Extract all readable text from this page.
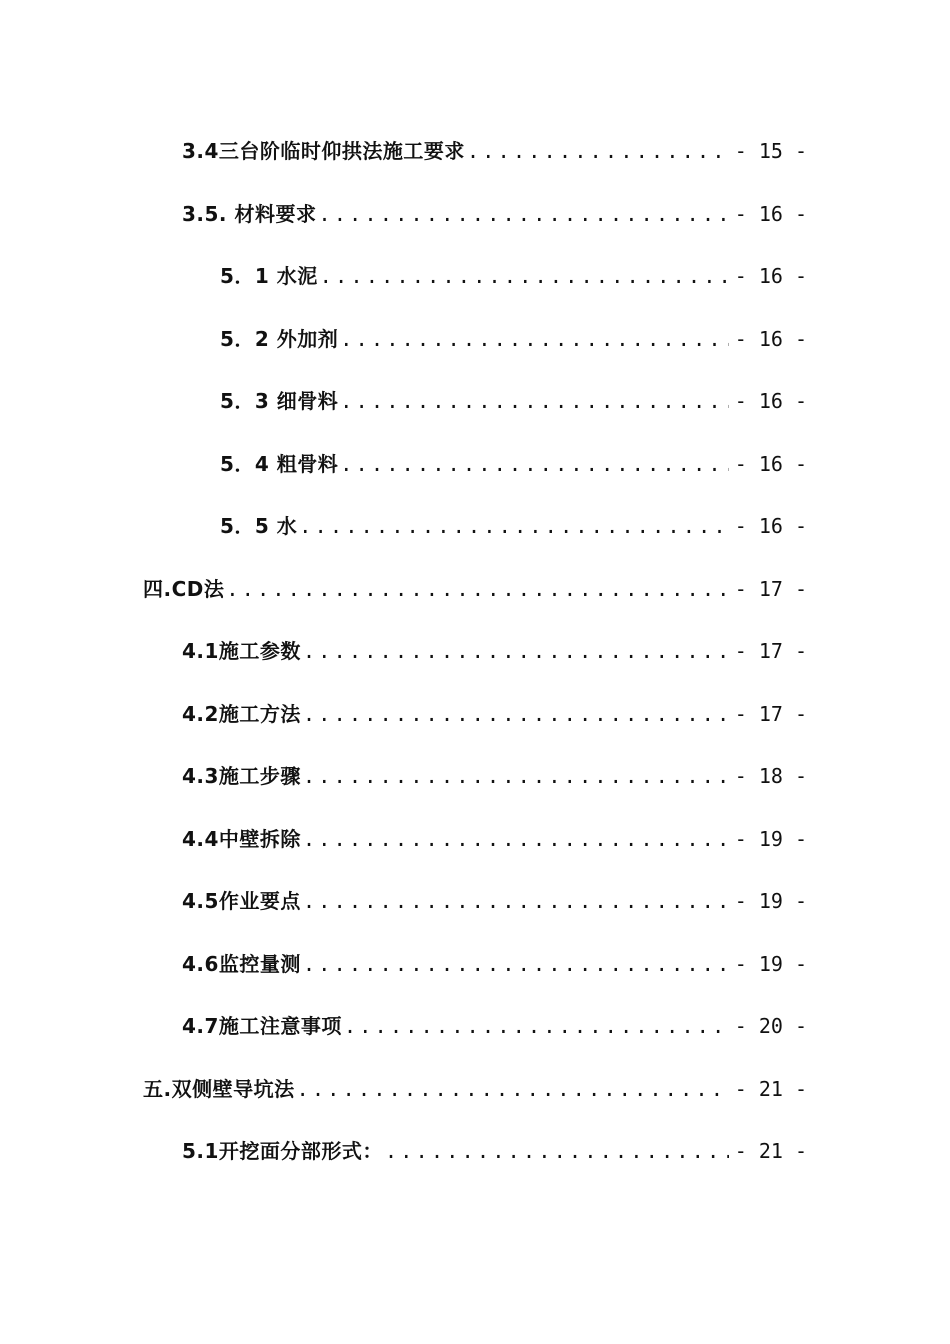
3.4三台阶临时仰拱法施工要求 .....	- 15 -
3.5. 材料要求 .....	- 16 -
5．1 水泥 .....	- 16 -
5．2 外加剂 .....	- 16 -
5．3 细骨料 .....	- 16 -
5．4 粗骨料 .....	- 16 -
5．5 水 .....	- 16 -
四.CD法 .....	- 17 -
4.1施工参数 .....	- 17 -
4.2施工方法 .....	- 17 -
4.3施工步骤 .....	- 18 -
4.4中壁拆除 .....	- 19 -
4.5作业要点 .....	- 19 -
4.6监控量测 .....	- 19 -
4.7施工注意事项 .....	- 20 -
五.双侧壁导坑法 .....	- 21 -
5.1开挖面分部形式： .....	- 21 -
